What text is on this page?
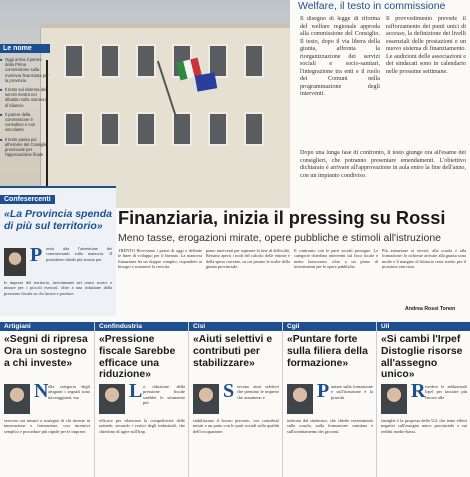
Welfare, il testo in commissione
Il disegno di legge di riforma del welfare regionale approda alla commissione del Consiglio. Il testo, dopo il via libera della giunta, affronta la riorganizzazione dei servizi sociali e socio-sanitari, l'integrazione tra enti e il ruolo dei Comuni nella programmazione degli interventi.
Il provvedimento prevede il rafforzamento dei punti unici di accesso, la definizione dei livelli essenziali delle prestazioni e un nuovo sistema di finanziamento. Le audizioni delle associazioni e dei sindacati sono in calendario nelle prossime settimane.
Le nome
■ Oggi arriva il parere della Prima commissione sulla manovra finanziaria per la provincia
■ Il testo sul sistema dei servizi rientra nel dibattito sulla manovra di bilancio
■ Il parere della commissione è consultivo e non vincolante
■ Il testo passa poi all'esame del Consiglio provinciale per l'approvazione finale
Confesercenti
«La Provincia spenda di più sul territorio»
P resta alta l'attenzione dei commercianti sulla manovra. Il presidente chiede più risorse per
le imprese del territorio, investimenti nei centri storici e misure per i piccoli esercizi, oltre a una riduzione della pressione fiscale su chi lavora e produce.
Finanziaria, inizia il pressing su Rossi
Meno tasse, erogazioni mirate, opere pubbliche e stimoli all'istruzione
TRENTO Riceviamo i pareri di oggi e definite le linee di sviluppo per il biennio. La manovra finanziaria ha un doppio compito, rispondere ai bisogni e sostenere la crescita.
piano interventi per superare la fase di difficoltà. Restano aperti i nodi del calcolo delle entrate e della spesa corrente, su cui pesano le scelte della giunta provinciale.
Il confronto con le parti sociali prosegue. Le categorie chiedono interventi sul fisco locale e meno burocrazia, oltre a un piano di investimenti per le opere pubbliche.
Più attenzione ai servizi, alla scuola e alla formazione: le richieste arrivate alla giunta sono molte e il margine di bilancio resta stretto per il prossimo esercizio.
Andrea Rossi Tonon
Artigiani
«Segni di ripresa Ora un sostegno a chi investe»
N ella categoria degli artigiani i segnali sono incoraggianti, ma
servono ora misure a sostegno di chi investe in innovazione e formazione, con incentivi semplici e procedure più rapide per le imprese.
Confindustria
«Pressione fiscale Sarebbe efficace una riduzione»
L a riduzione della pressione fiscale sarebbe lo strumento più
efficace per rilanciare la competitività delle aziende, secondo i vertici degli industriali, che chiedono di agire sull'Irap.
Cisl
«Aiuti selettivi e contributi per stabilizzare»
S ervono aiuti selettivi che premino le imprese che assumono e
stabilizzano il lavoro precario, con contributi mirati e un patto con le parti sociali sulla qualità dell'occupazione.
Cgil
«Puntare forte sulla filiera della formazione»
P untare sulla formazione e sull'istruzione è la priorità
indicata dal sindacato, che chiede investimenti sulla scuola, sulla formazione continua e sull'orientamento dei giovani.
Uil
«Si cambi l'Irpef Distoglie risorse all'assegno unico»
R ivedere le addizionali Irpef per lasciare più risorse alle
famiglie è la proposta della Uil, che teme effetti negativi sull'assegno unico provinciale e sui redditi medio-bassi.
Dopo una lunga fase di confronto, il testo giunge ora all'esame dei consiglieri, che potranno presentare emendamenti. L'obiettivo dichiarato è arrivare all'approvazione in aula entro la fine dell'anno, con un impianto condiviso.
